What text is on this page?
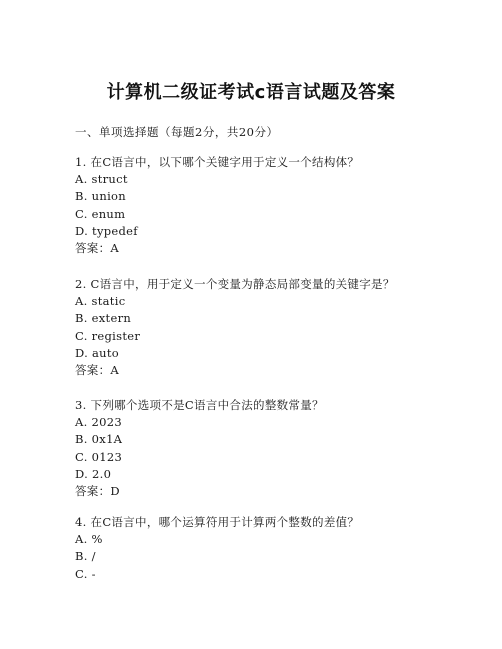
计算机二级证考试c语言试题及答案
一、单项选择题（每题2分，共20分）
1. 在C语言中，以下哪个关键字用于定义一个结构体？
A. struct
B. union
C. enum
D. typedef
答案：A
2. C语言中，用于定义一个变量为静态局部变量的关键字是？
A. static
B. extern
C. register
D. auto
答案：A
3. 下列哪个选项不是C语言中合法的整数常量？
A. 2023
B. 0x1A
C. 0123
D. 2.0
答案：D
4. 在C语言中，哪个运算符用于计算两个整数的差值？
A. %
B. /
C. -
